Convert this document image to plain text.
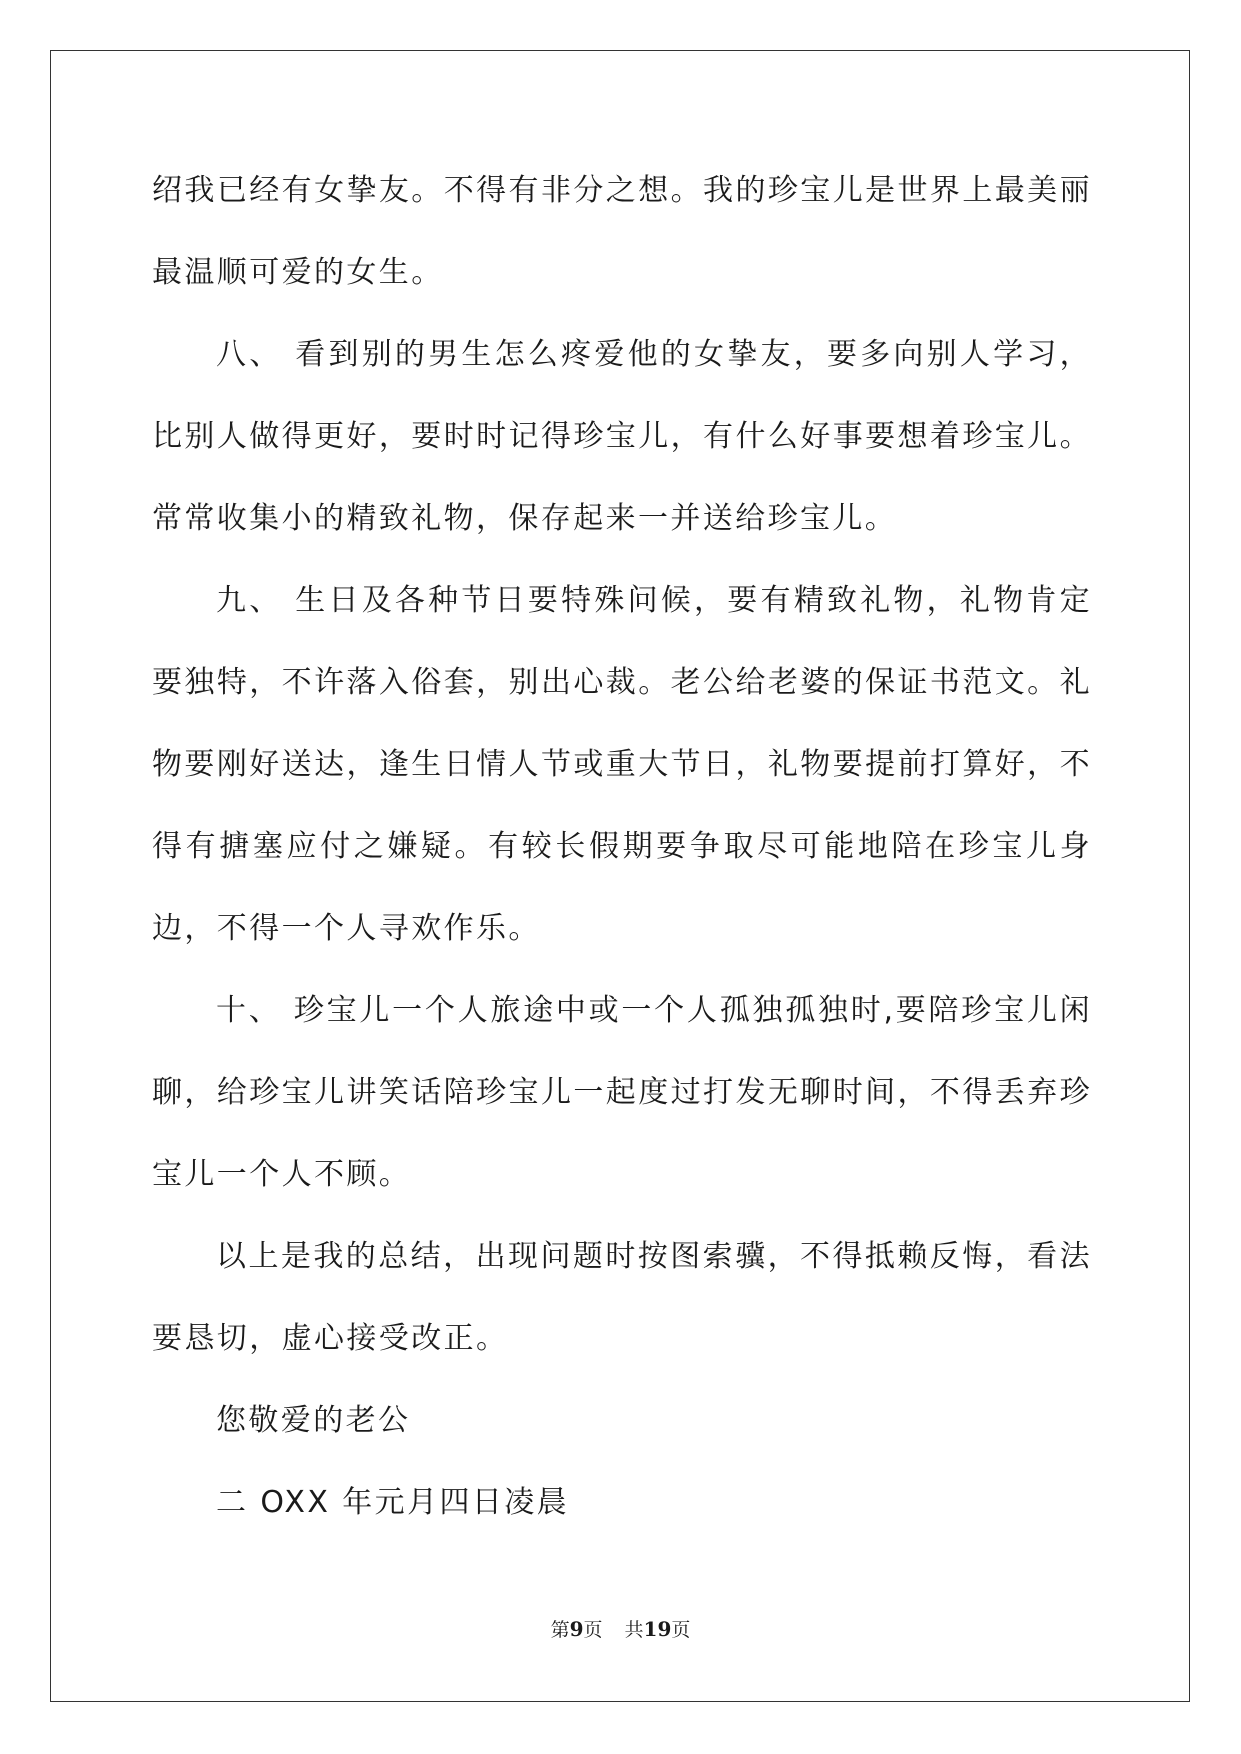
绍我已经有女挚友。不得有非分之想。我的珍宝儿是世界上最美丽最温顺可爱的女生。

八、 看到别的男生怎么疼爱他的女挚友，要多向别人学习，比别人做得更好，要时时记得珍宝儿，有什么好事要想着珍宝儿。常常收集小的精致礼物，保存起来一并送给珍宝儿。

九、 生日及各种节日要特殊问候，要有精致礼物，礼物肯定要独特，不许落入俗套，别出心裁。老公给老婆的保证书范文。礼物要刚好送达，逢生日情人节或重大节日，礼物要提前打算好，不得有搪塞应付之嫌疑。有较长假期要争取尽可能地陪在珍宝儿身边，不得一个人寻欢作乐。

十、 珍宝儿一个人旅途中或一个人孤独孤独时,要陪珍宝儿闲聊，给珍宝儿讲笑话陪珍宝儿一起度过打发无聊时间，不得丢弃珍宝儿一个人不顾。

以上是我的总结，出现问题时按图索骥，不得抵赖反悔，看法要恳切，虚心接受改正。

您敬爱的老公

二 OXX 年元月四日凌晨

第9页 共19页
